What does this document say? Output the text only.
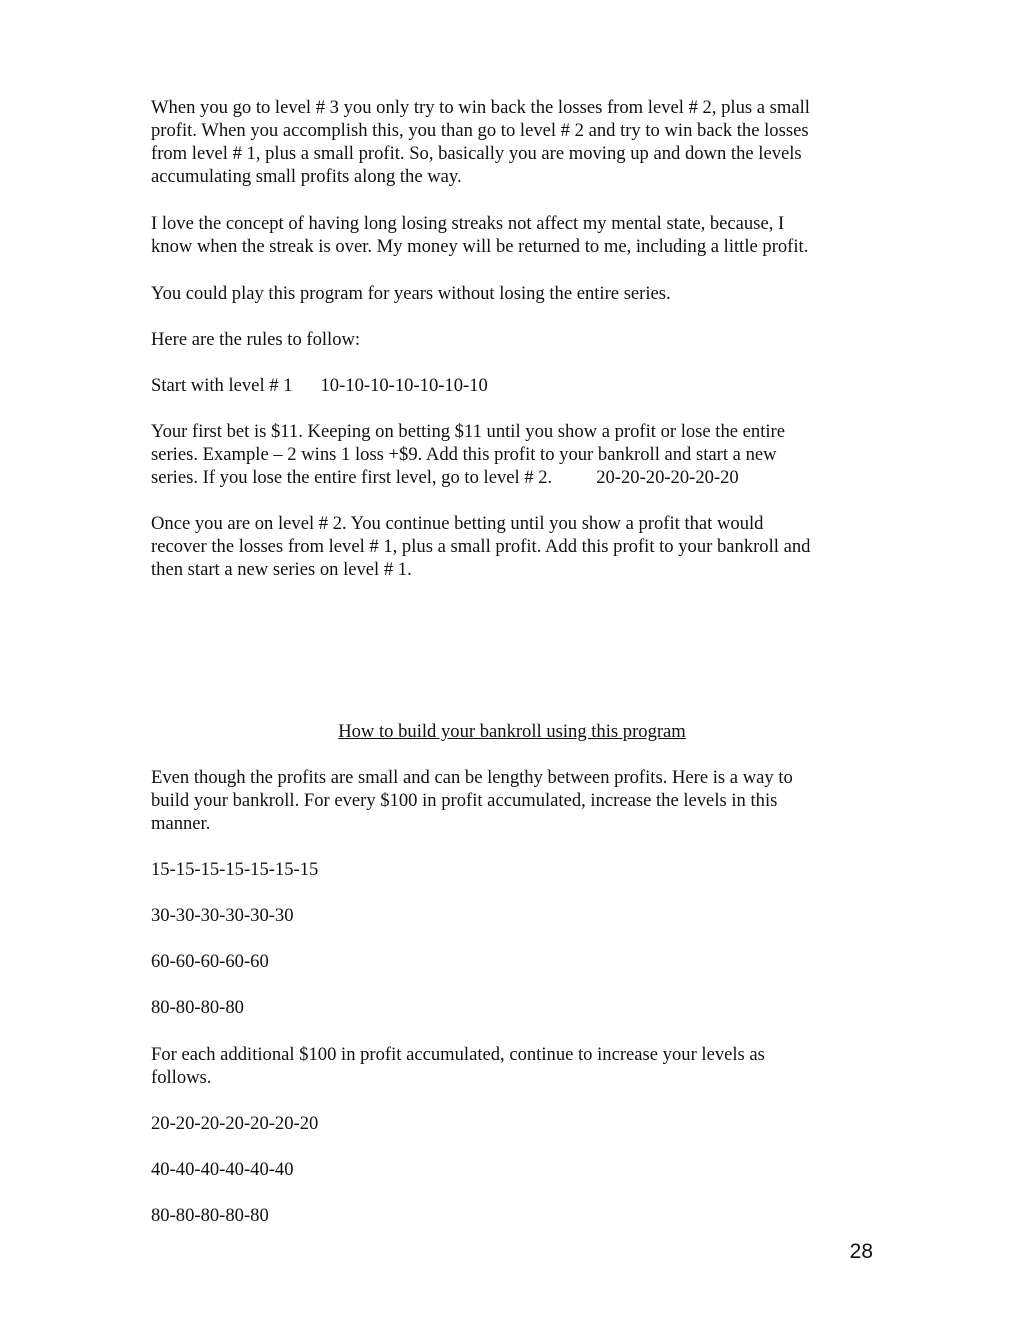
When you go to level # 3 you only try to win back the losses from level # 2, plus a small
profit. When you accomplish this, you than go to level # 2 and try to win back the losses
from level # 1, plus a small profit. So, basically you are moving up and down the levels
accumulating small profits along the way.

I love the concept of having long losing streaks not affect my mental state, because, I
know when the streak is over. My money will be returned to me, including a little profit.

You could play this program for years without losing the entire series.

Here are the rules to follow:

Start with level # 1 10-10-10-10-10-10-10

Your first bet is $11. Keeping on betting $11 until you show a profit or lose the entire
series. Example – 2 wins 1 loss +$9. Add this profit to your bankroll and start a new
series. If you lose the entire first level, go to level # 2. 20-20-20-20-20-20

Once you are on level # 2. You continue betting until you show a profit that would
recover the losses from level # 1, plus a small profit. Add this profit to your bankroll and
then start a new series on level # 1.

How to build your bankroll using this program

Even though the profits are small and can be lengthy between profits. Here is a way to
build your bankroll. For every $100 in profit accumulated, increase the levels in this
manner.

15-15-15-15-15-15-15

30-30-30-30-30-30

60-60-60-60-60

80-80-80-80

For each additional $100 in profit accumulated, continue to increase your levels as
follows.

20-20-20-20-20-20-20

40-40-40-40-40-40

80-80-80-80-80

28
